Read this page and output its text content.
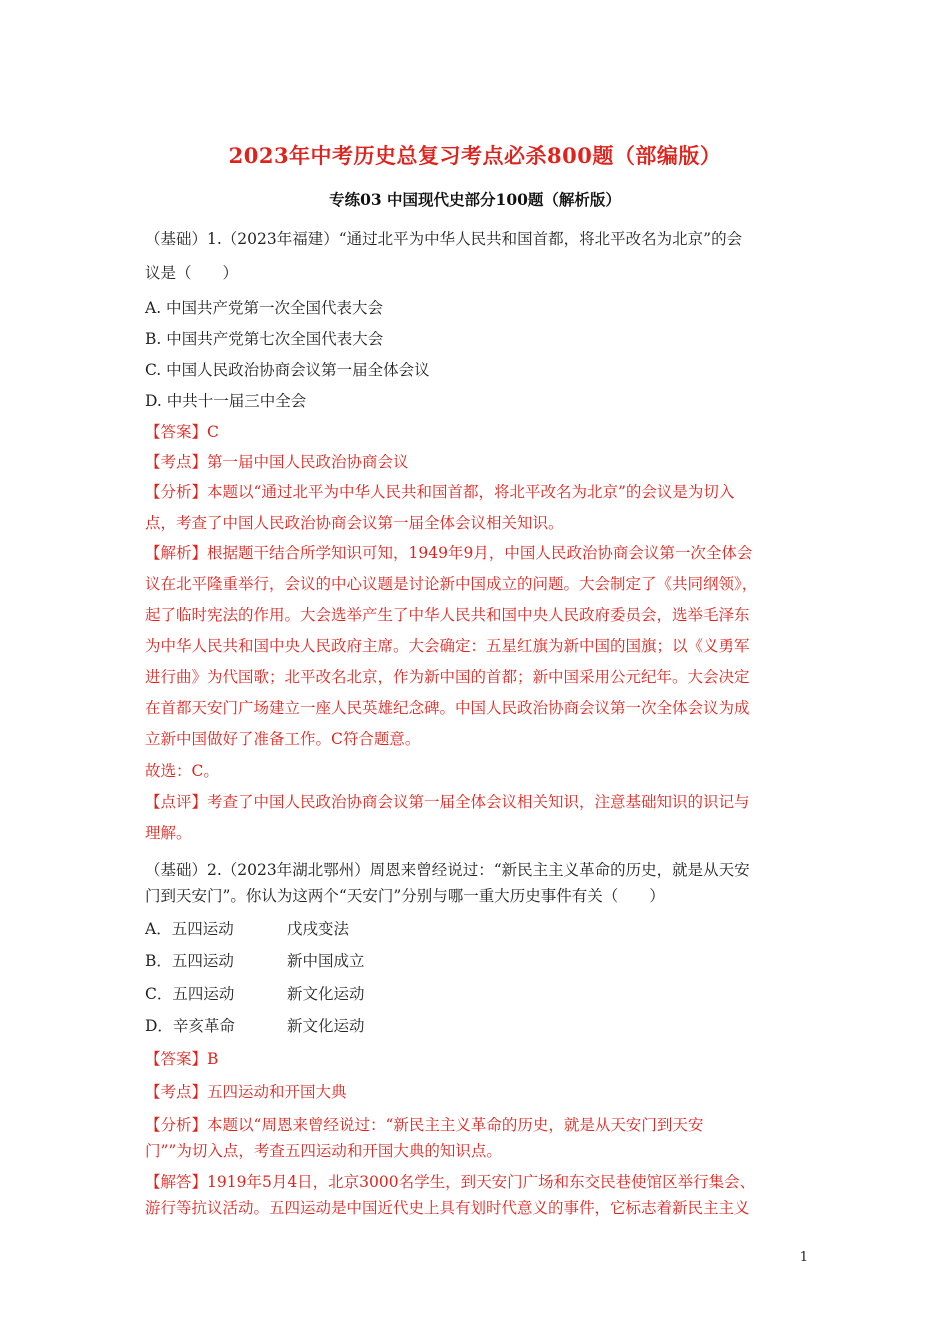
2023年中考历史总复习考点必杀800题（部编版）
专练03 中国现代史部分100题（解析版）
（基础）1.（2023年福建）“通过北平为中华人民共和国首都，将北平改名为北京”的会
议是（　　）
A. 中国共产党第一次全国代表大会
B. 中国共产党第七次全国代表大会
C. 中国人民政治协商会议第一届全体会议
D. 中共十一届三中全会
【答案】C
【考点】第一届中国人民政治协商会议
【分析】本题以“通过北平为中华人民共和国首都，将北平改名为北京”的会议是为切入
点，考查了中国人民政治协商会议第一届全体会议相关知识。
【解析】根据题干结合所学知识可知，1949年9月，中国人民政治协商会议第一次全体会
议在北平隆重举行，会议的中心议题是讨论新中国成立的问题。大会制定了《共同纲领》，
起了临时宪法的作用。大会选举产生了中华人民共和国中央人民政府委员会，选举毛泽东
为中华人民共和国中央人民政府主席。大会确定：五星红旗为新中国的国旗；以《义勇军
进行曲》为代国歌；北平改名北京，作为新中国的首都；新中国采用公元纪年。大会决定
在首都天安门广场建立一座人民英雄纪念碑。中国人民政治协商会议第一次全体会议为成
立新中国做好了准备工作。C符合题意。
故选：C。
【点评】考查了中国人民政治协商会议第一届全体会议相关知识，注意基础知识的识记与
理解。
（基础）2.（2023年湖北鄂州）周恩来曾经说过：“新民主主义革命的历史，就是从天安
门到天安门”。你认为这两个“天安门”分别与哪一重大历史事件有关（　　）
A．五四运动	戊戌变法
B．五四运动	新中国成立
C．五四运动	新文化运动
D．辛亥革命	新文化运动
【答案】B
【考点】五四运动和开国大典
【分析】本题以“周恩来曾经说过：“新民主主义革命的历史，就是从天安门到天安
门””为切入点，考查五四运动和开国大典的知识点。
【解答】1919年5月4日，北京3000名学生，到天安门广场和东交民巷使馆区举行集会、
游行等抗议活动。五四运动是中国近代史上具有划时代意义的事件，它标志着新民主主义
1
